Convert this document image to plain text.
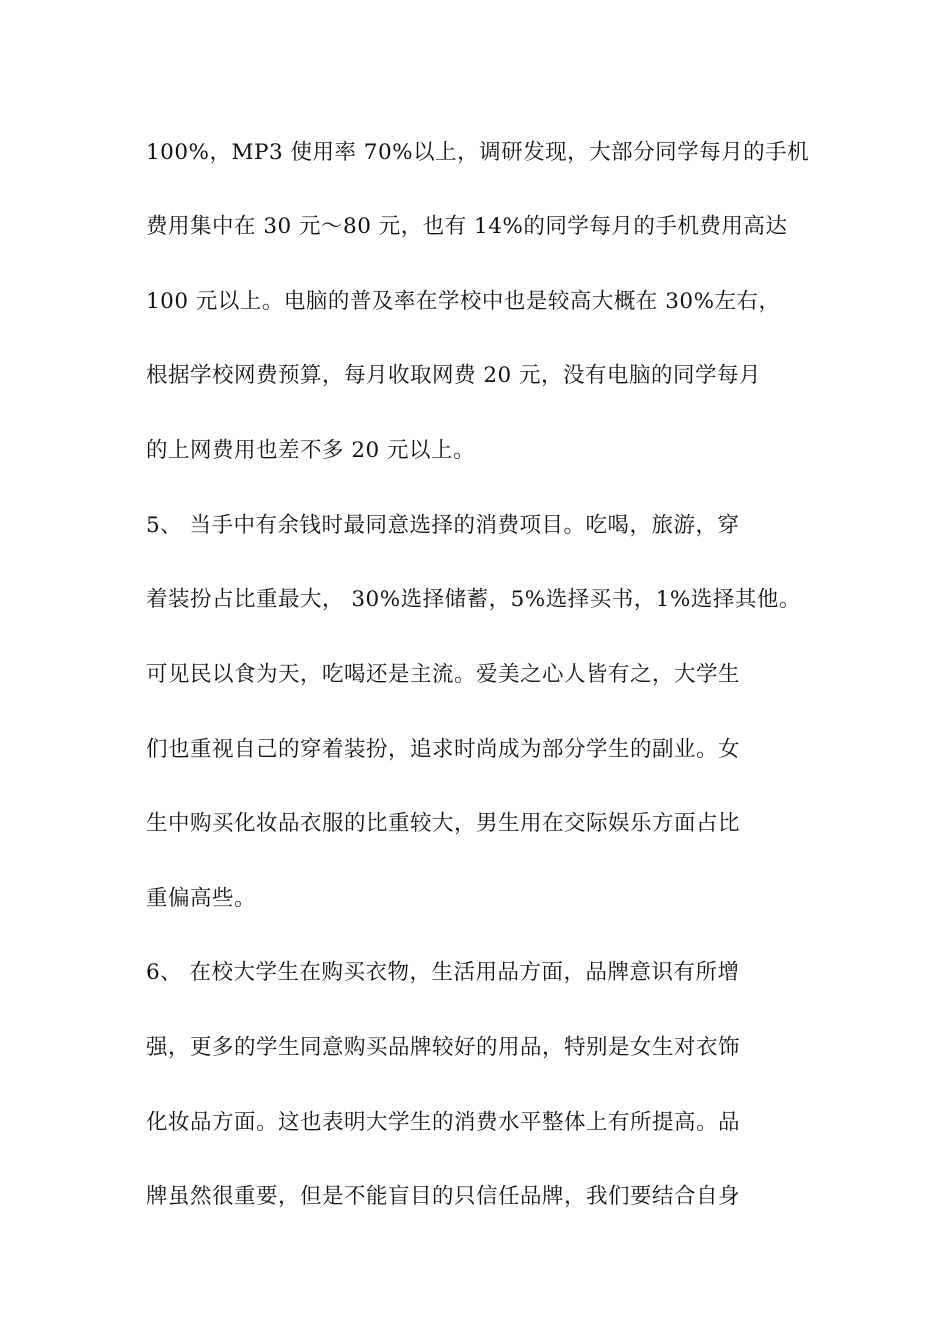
100%，MP3 使用率 70%以上，调研发现，大部分同学每月的手机

费用集中在 30 元～80 元，也有 14%的同学每月的手机费用高达

100 元以上。电脑的普及率在学校中也是较高大概在 30%左右，

根据学校网费预算，每月收取网费 20 元，没有电脑的同学每月

的上网费用也差不多 20 元以上。

5、 当手中有余钱时最同意选择的消费项目。吃喝，旅游，穿

着装扮占比重最大， 30%选择储蓄，5%选择买书，1%选择其他。

可见民以食为天，吃喝还是主流。爱美之心人皆有之，大学生

们也重视自己的穿着装扮，追求时尚成为部分学生的副业。女

生中购买化妆品衣服的比重较大，男生用在交际娱乐方面占比

重偏高些。

6、 在校大学生在购买衣物，生活用品方面，品牌意识有所增

强，更多的学生同意购买品牌较好的用品，特别是女生对衣饰

化妆品方面。这也表明大学生的消费水平整体上有所提高。品

牌虽然很重要，但是不能盲目的只信任品牌，我们要结合自身
